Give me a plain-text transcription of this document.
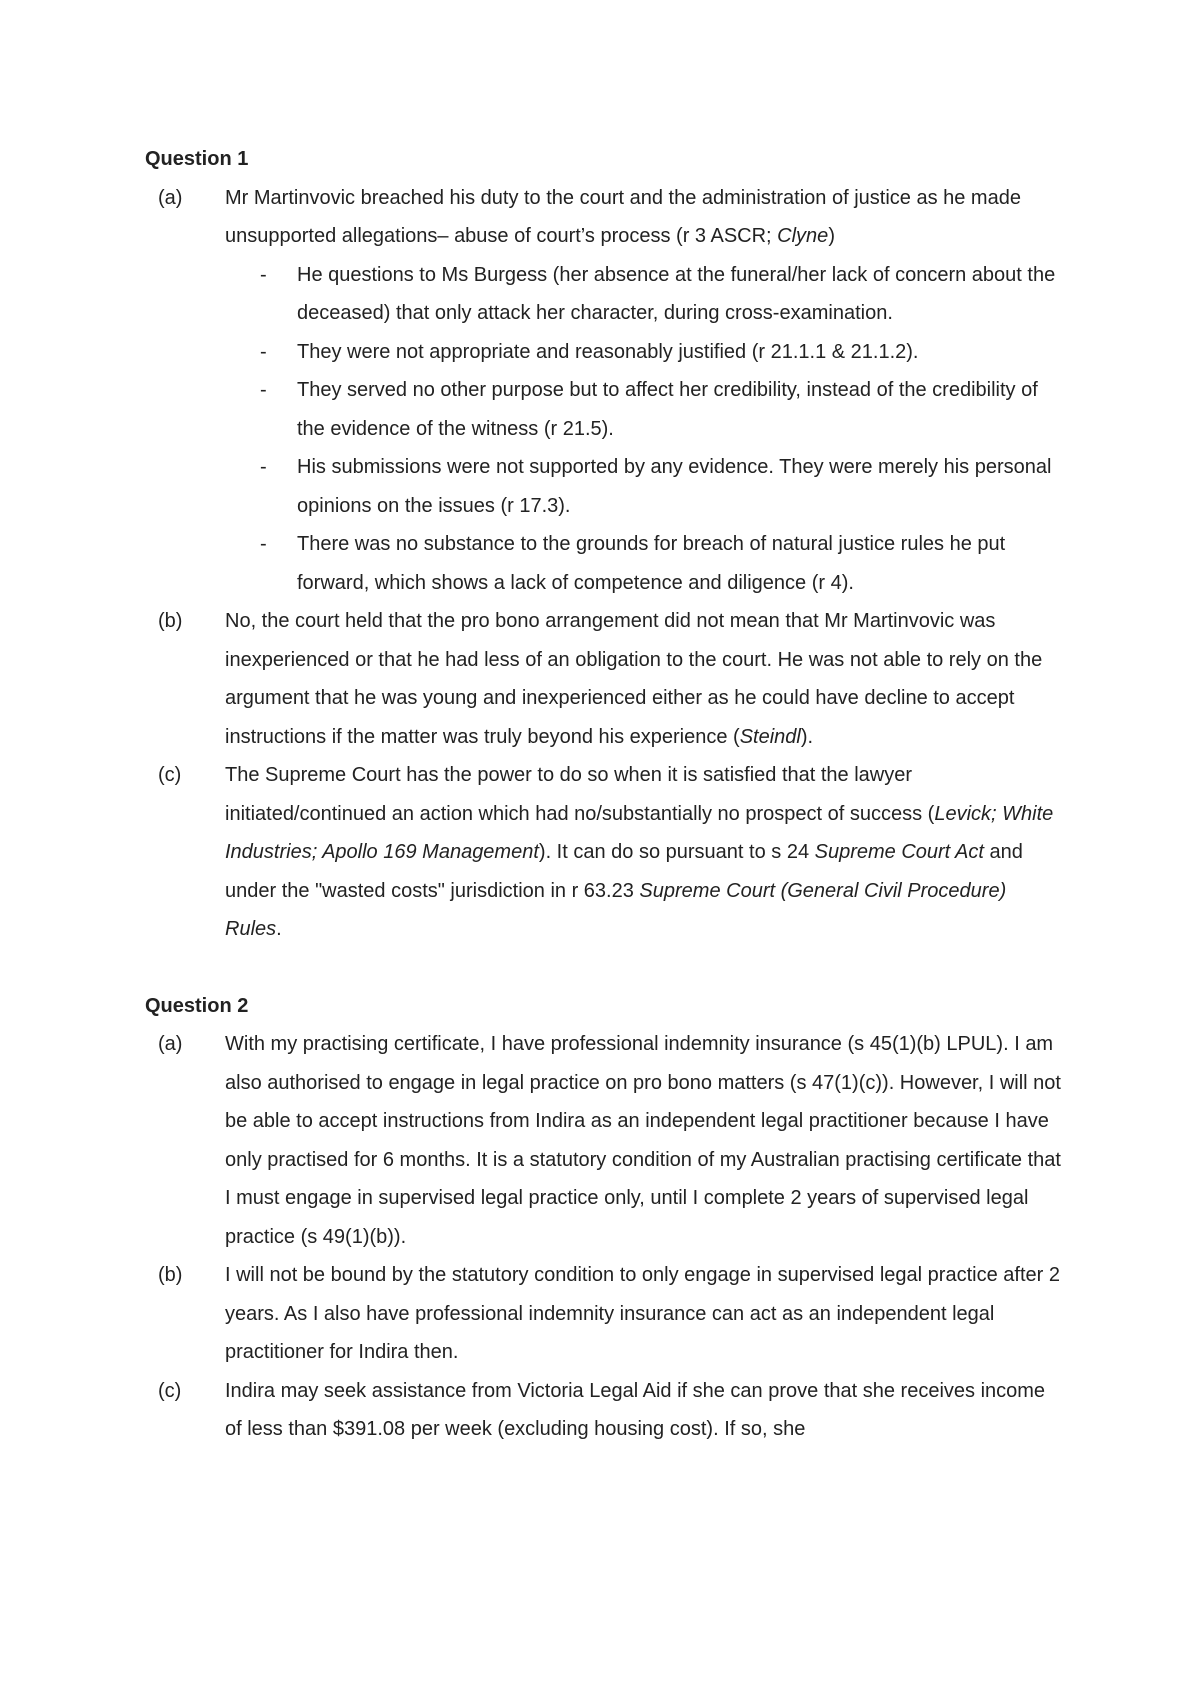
Question 1
(a)	Mr Martinvovic breached his duty to the court and the administration of justice as he made unsupported allegations– abuse of court’s process (r 3 ASCR; Clyne)
-	He questions to Ms Burgess (her absence at the funeral/her lack of concern about the deceased) that only attack her character, during cross-examination.
-	They were not appropriate and reasonably justified (r 21.1.1 & 21.1.2).
-	They served no other purpose but to affect her credibility, instead of the credibility of the evidence of the witness (r 21.5).
-	His submissions were not supported by any evidence. They were merely his personal opinions on the issues (r 17.3).
-	There was no substance to the grounds for breach of natural justice rules he put forward, which shows a lack of competence and diligence (r 4).
(b)	No, the court held that the pro bono arrangement did not mean that Mr Martinvovic was inexperienced or that he had less of an obligation to the court. He was not able to rely on the argument that he was young and inexperienced either as he could have decline to accept instructions if the matter was truly beyond his experience (Steindl).
(c)	The Supreme Court has the power to do so when it is satisfied that the lawyer initiated/continued an action which had no/substantially no prospect of success (Levick; White Industries; Apollo 169 Management). It can do so pursuant to s 24 Supreme Court Act and under the "wasted costs" jurisdiction in r 63.23 Supreme Court (General Civil Procedure) Rules.
Question 2
(a)	With my practising certificate, I have professional indemnity insurance (s 45(1)(b) LPUL). I am also authorised to engage in legal practice on pro bono matters (s 47(1)(c)). However, I will not be able to accept instructions from Indira as an independent legal practitioner because I have only practised for 6 months. It is a statutory condition of my Australian practising certificate that I must engage in supervised legal practice only, until I complete 2 years of supervised legal practice (s 49(1)(b)).
(b)	I will not be bound by the statutory condition to only engage in supervised legal practice after 2 years. As I also have professional indemnity insurance can act as an independent legal practitioner for Indira then.
(c)	Indira may seek assistance from Victoria Legal Aid if she can prove that she receives income of less than $391.08 per week (excluding housing cost). If so, she
